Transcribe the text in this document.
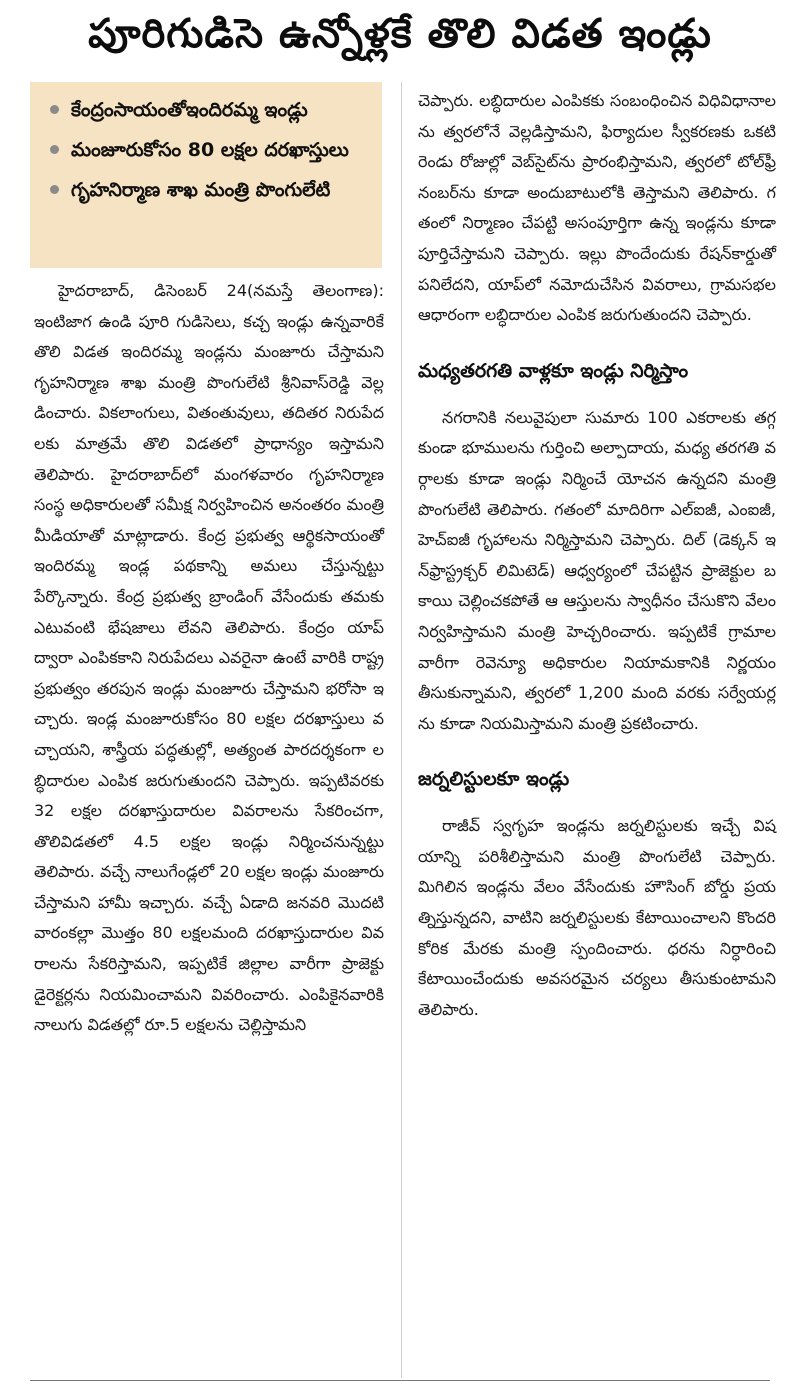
పూరిగుడిసె ఉన్నోళ్లకే తొలి విడత ఇండ్లు
కేంద్రంసాయంతోఇందిరమ్మ ఇండ్లు
మంజూరుకోసం 80 లక్షల దరఖాస్తులు
గృహనిర్మాణ శాఖ మంత్రి పొంగులేటి

హైదరాబాద్, డిసెంబర్ 24(నమస్తే తెలంగాణ): ఇంటిజాగ ఉండి పూరి గుడిసెలు, కచ్చ ఇండ్లు ఉన్నవారికే తొలి విడత ఇందిరమ్మ ఇండ్లను మంజూరు చేస్తామని గృహనిర్మాణ శాఖ మంత్రి పొంగులేటి శ్రీనివాస్‌రెడ్డి వెల్లడించారు. వికలాంగులు, వితంతువులు, తదితర నిరుపేదలకు మాత్రమే తొలి విడతలో ప్రాధాన్యం ఇస్తామని తెలిపారు. హైదరాబాద్‌లో మంగళవారం గృహనిర్మాణ సంస్థ అధికారులతో సమీక్ష నిర్వహించిన అనంతరం మంత్రి మీడియాతో మాట్లాడారు. కేంద్ర ప్రభుత్వ ఆర్థికసాయంతో ఇందిరమ్మ ఇండ్ల పథకాన్ని అమలు చేస్తున్నట్టు పేర్కొన్నారు. కేంద్ర ప్రభుత్వ బ్రాండింగ్ వేసేందుకు తమకు ఎటువంటి భేషజాలు లేవని తెలిపారు. కేంద్రం యాప్ ద్వారా ఎంపికకాని నిరుపేదలు ఎవరైనా ఉంటే వారికి రాష్ట్ర ప్రభుత్వం తరపున ఇండ్లు మంజూరు చేస్తామని భరోసా ఇచ్చారు. ఇండ్ల మంజూరుకోసం 80 లక్షల దరఖాస్తులు వచ్చాయని, శాస్త్రీయ పద్ధతుల్లో, అత్యంత పారదర్శకంగా లబ్ధిదారుల ఎంపిక జరుగుతుందని చెప్పారు. ఇప్పటివరకు 32 లక్షల దరఖాస్తుదారుల వివరాలను సేకరించగా, తొలివిడతలో 4.5 లక్షల ఇండ్లు నిర్మించనున్నట్టు తెలిపారు. వచ్చే నాలుగేండ్లలో 20 లక్షల ఇండ్లు మంజూరు చేస్తామని హామీ ఇచ్చారు. వచ్చే ఏడాది జనవరి మొదటి వారంకల్లా మొత్తం 80 లక్షలమంది దరఖాస్తుదారుల వివరాలను సేకరిస్తామని, ఇప్పటికే జిల్లాల వారీగా ప్రాజెక్టు డైరెక్టర్లను నియమించామని వివరించారు. ఎంపికైనవారికి నాలుగు విడతల్లో రూ.5 లక్షలను చెల్లిస్తామని

చెప్పారు. లబ్ధిదారుల ఎంపికకు సంబంధించిన విధివిధానాలను త్వరలోనే వెల్లడిస్తామని, ఫిర్యాదుల స్వీకరణకు ఒకటి రెండు రోజుల్లో వెబ్‌సైట్‌ను ప్రారంభిస్తామని, త్వరలో టోల్‌ఫ్రీ నంబర్‌ను కూడా అందుబాటులోకి తెస్తామని తెలిపారు. గతంలో నిర్మాణం చేపట్టి అసంపూర్తిగా ఉన్న ఇండ్లను కూడా పూర్తిచేస్తామని చెప్పారు. ఇల్లు పొందేందుకు రేషన్‌కార్డుతో పనిలేదని, యాప్‌లో నమోదుచేసిన వివరాలు, గ్రామసభల ఆధారంగా లబ్ధిదారుల ఎంపిక జరుగుతుందని చెప్పారు.

మధ్యతరగతి వాళ్లకూ ఇండ్లు నిర్మిస్తాం

నగరానికి నలువైపులా సుమారు 100 ఎకరాలకు తగ్గకుండా భూములను గుర్తించి అల్పాదాయ, మధ్య తరగతి వర్గాలకు కూడా ఇండ్లు నిర్మించే యోచన ఉన్నదని మంత్రి పొంగులేటి తెలిపారు. గతంలో మాదిరిగా ఎల్‌ఐజీ, ఎంఐజీ, హెచ్‌ఐజీ గృహాలను నిర్మిస్తామని చెప్పారు. దిల్ (డెక్కన్ ఇన్‌ఫ్రాస్ట్రక్చర్ లిమిటెడ్) ఆధ్వర్యంలో చేపట్టిన ప్రాజెక్టుల బకాయి చెల్లించకపోతే ఆ ఆస్తులను స్వాధీనం చేసుకొని వేలం నిర్వహిస్తామని మంత్రి హెచ్చరించారు. ఇప్పటికే గ్రామాల వారీగా రెవెన్యూ అధికారుల నియామకానికి నిర్ణయం తీసుకున్నామని, త్వరలో 1,200 మంది వరకు సర్వేయర్లను కూడా నియమిస్తామని మంత్రి ప్రకటించారు.

జర్నలిస్టులకూ ఇండ్లు

రాజీవ్ స్వగృహ ఇండ్లను జర్నలిస్టులకు ఇచ్చే విషయాన్ని పరిశీలిస్తామని మంత్రి పొంగులేటి చెప్పారు. మిగిలిన ఇండ్లను వేలం వేసేందుకు హౌసింగ్ బోర్డు ప్రయత్నిస్తున్నదని, వాటిని జర్నలిస్టులకు కేటాయించాలని కొందరి కోరిక మేరకు మంత్రి స్పందించారు. ధరను నిర్ధారించి కేటాయించేందుకు అవసరమైన చర్యలు తీసుకుంటామని తెలిపారు.
